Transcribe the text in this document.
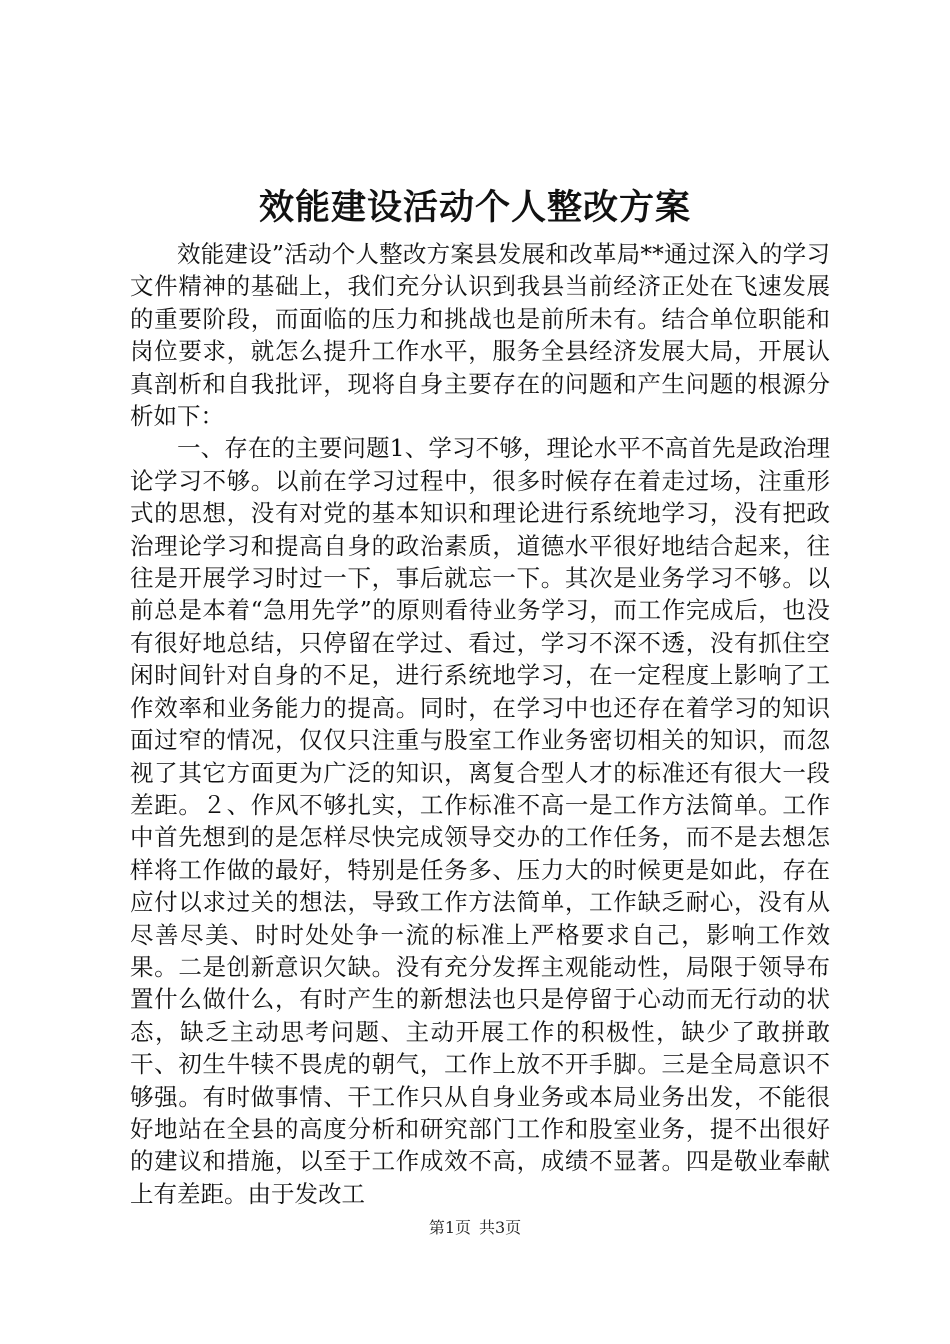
效能建设活动个人整改方案

效能建设”活动个人整改方案县发展和改革局**通过深入的学习文件精神的基础上，我们充分认识到我县当前经济正处在飞速发展的重要阶段，而面临的压力和挑战也是前所未有。结合单位职能和岗位要求，就怎么提升工作水平，服务全县经济发展大局，开展认真剖析和自我批评，现将自身主要存在的问题和产生问题的根源分析如下：

一、存在的主要问题1、学习不够，理论水平不高首先是政治理论学习不够。以前在学习过程中，很多时候存在着走过场，注重形式的思想，没有对党的基本知识和理论进行系统地学习，没有把政治理论学习和提高自身的政治素质，道德水平很好地结合起来，往往是开展学习时过一下，事后就忘一下。其次是业务学习不够。以前总是本着“急用先学”的原则看待业务学习，而工作完成后，也没有很好地总结，只停留在学过、看过，学习不深不透，没有抓住空闲时间针对自身的不足，进行系统地学习，在一定程度上影响了工作效率和业务能力的提高。同时，在学习中也还存在着学习的知识面过窄的情况，仅仅只注重与股室工作业务密切相关的知识，而忽视了其它方面更为广泛的知识，离复合型人才的标准还有很大一段差距。２、作风不够扎实，工作标准不高一是工作方法简单。工作中首先想到的是怎样尽快完成领导交办的工作任务，而不是去想怎样将工作做的最好，特别是任务多、压力大的时候更是如此，存在应付以求过关的想法，导致工作方法简单，工作缺乏耐心，没有从尽善尽美、时时处处争一流的标准上严格要求自己，影响工作效果。二是创新意识欠缺。没有充分发挥主观能动性，局限于领导布置什么做什么，有时产生的新想法也只是停留于心动而无行动的状态，缺乏主动思考问题、主动开展工作的积极性，缺少了敢拼敢干、初生牛犊不畏虎的朝气，工作上放不开手脚。三是全局意识不够强。有时做事情、干工作只从自身业务或本局业务出发，不能很好地站在全县的高度分析和研究部门工作和股室业务，提不出很好的建议和措施，以至于工作成效不高，成绩不显著。四是敬业奉献上有差距。由于发改工

第1页 共3页
